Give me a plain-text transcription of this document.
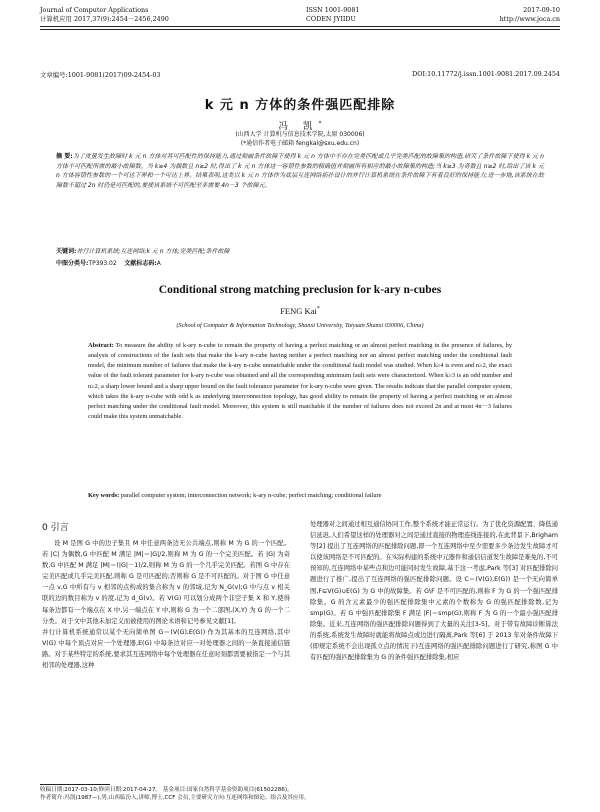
Journal of Computer Applications
计算机应用 2017,37(9):2454－2456,2490
ISSN 1001-9081
CODEN JYIIDU
2017-09-10
http://www.joca.cn
文章编号:1001-9081(2017)09-2454-03	DOI:10.11772/j.issn.1001-9081.2017.09.2454
k 元 n 方体的条件强匹配排除
冯 凯*
(山西大学 计算机与信息技术学院,太原 030006)
(*通信作者电子邮箱 fengkai@sxu.edu.cn)
摘 要:为了度量发生故障时 k 元 n 方体对其可匹配性的保持能力,通过刻画条件故障下使得 k 元 n 方体中不存在完美匹配或几乎完美匹配的故障集的构造,研究了条件故障下使得 k 元 n 方体不可匹配所需的最小故障数。当 k≥4 为偶数且 n≥2 时,得出了 k 元 n 方体这一容错性参数的精确值并刻画所有相应的最小故障集的构造;当 k≥3 为奇数且 n≥2 时,给出了该 k 元 n 方体容错性参数的一个可达下界和一个可达上界。结果表明,这类以 k 元 n 方体作为底层互连网络拓扑设计的并行计算机系统在条件故障下有着良好的保持能力;进一步地,该系统在故障数不超过 2n 时仍是可匹配的,要使该系统不可匹配至多需要 4n－3 个故障元。
关键词:并行计算机系统;互连网络;k 元 n 方体;完美匹配;条件故障
中图分类号:TP393.02 文献标志码:A
Conditional strong matching preclusion for k-ary n-cubes
FENG Kai*
(School of Computer & Information Technology, Shanxi University, Taiyuan Shanxi 030006, China)
Abstract: To measure the ability of k-ary n-cube to remain the property of having a perfect matching or an almost perfect matching in the presence of failures, by analysis of constructions of the fault sets that make the k-ary n-cube having neither a perfect matching nor an almost perfect matching under the conditional fault model, the minimum number of failures that make the k-ary n-cube unmatchable under the conditional fault model was studied. When k≥4 is even and n≥2, the exact value of the fault tolerant parameter for k-ary n-cube was obtained and all the corresponding minimum fault sets were characterized. When k≥3 is an odd number and n≥2, a sharp lower bound and a sharp upper bound on the fault tolerance parameter for k-ary n-cube were given. The results indicate that the parallel computer system, which takes the k-ary n-cube with odd k as underlying interconnection topology, has good ability to remain the property of having a perfect matching or an almost perfect matching under the conditional fault model. Moreover, this system is still matchable if the number of failures does not exceed 2n and at most 4n－3 failures could make this system unmatchable.
Key words: parallel computer system; interconnection network; k-ary n-cube; perfect matching; conditional failure
0 引言
设 M 是图 G 中的边子集且 M 中任意两条边无公共端点,则称 M 为 G 的一个匹配。若 |C| 为偶数,G 中匹配 M 满足 |M|＝|G|/2,则称 M 为 G 的一个完美匹配。若 |G| 为奇数,G 中匹配 M 满足 |M|＝(|G|－1)/2,则称 M 为 G 的一个几乎完美匹配。若图 G 中存在完美匹配或几乎完美匹配,则称 G 是可匹配的;否则称 G 是不可匹配的。对于图 G 中任意一点 v,G 中所有与 v 相邻的点构成的集合称为 v 的邻域,记为 N_G(v);G 中与点 v 相关联的边的数目称为 v 的度,记为 d_G(v)。若 V(G) 可以划分成两个非空子集 X 和 Y,使得每条边都有一个端点在 X 中,另一端点在 Y 中,则称 G 为一个二部图,(X,Y) 为 G 的一个二分类。对于文中其他未加定义而被使用的图论术语和记号参见文献[1]。
并行计算机系统通常以某个无向简单图 G＝(V(G),E(G)) 作为其基本的互连网络,其中 V(G) 中每个顶点对应一个处理器,E(G) 中每条边对应一对处理器之间的一条直接通信链路。对于某些特定的系统,要求其互连网络中每个处理器在任意时刻都需要被指定一个与其相邻的处理器,这种
处理器对之间通过相互通信协同工作,整个系统才能正常运行。为了优化资源配置、降低通信延迟,人们希望这样的处理器对之间是通过直接的物理连线连接的,在此背景下,Brigham 等[2] 提出了互连网络的匹配排除问题,即一个互连网络中至少需要多少条边发生故障才可以使该网络是不可匹配的。在实际构建的系统中元器件和通信信道发生故障是难免的,不可预知的,互连网络中某些点和边可能同时发生故障,基于这一考虑,Park 等[3] 对匹配排除问题进行了推广,提出了互连网络的强匹配排除问题。设 C＝(V(G),E(G)) 是一个无向简单图,F⊆V(G)∪E(G) 为 G 中的故障集。若 G\F 是不可匹配的,则称 F 为 G 的一个强匹配排除集。G 的含元素最少的强匹配排除集中元素的个数称为 G 的强匹配排除数,记为 smp(G)。若 G 中强匹配排除集 F 满足 |F|＝smp(G),则称 F 为 G 的一个最小强匹配排除集。近来,互连网络的强匹配排除问题得到了大量的关注[3-5]。对于带有故障诊断算法的系统,系统发生故障时就能将故障点或边进行隔离,Park 等[6] 于 2013 年对条件故障下(即规定系统不会出现孤立点的情况下)互连网络的强匹配排除问题进行了研究,称图 G 中有匹配的强匹配排除集为 G 的条件强匹配排除集,相应
收稿日期:2017-03-10;修回日期:2017-04-27。 基金项目:国家自然科学基金资助项目(61502286)。
作者简介:冯凯(1987—),男,山西临汾人,讲师,博士,CCF 会员,主要研究方向:互连网络和图论、组合及其应用。
